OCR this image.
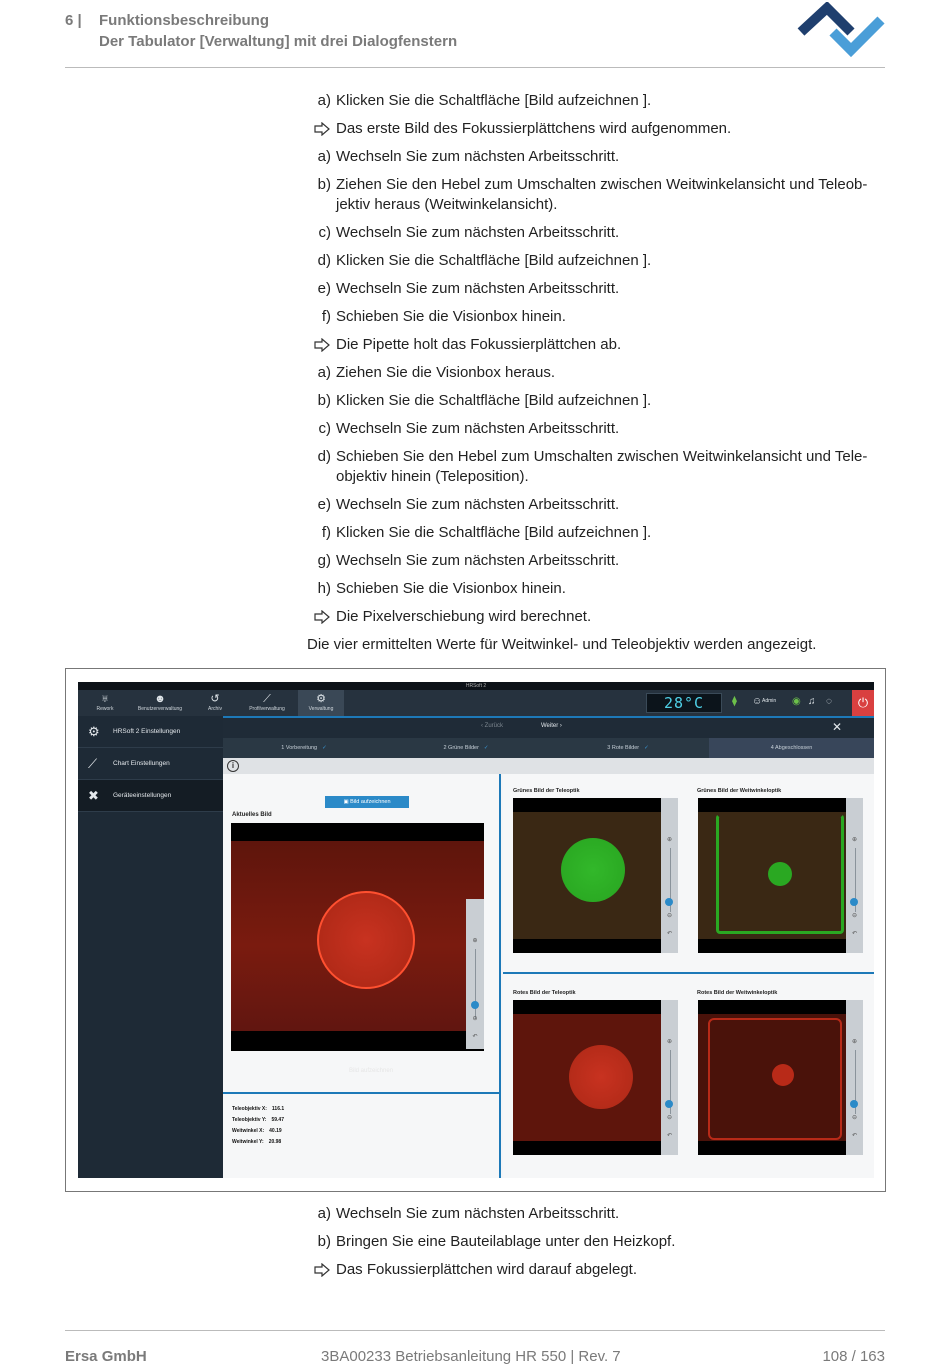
6 | Funktionsbeschreibung
Der Tabulator [Verwaltung] mit drei Dialogfenstern
a) Klicken Sie die Schaltfläche [Bild aufzeichnen ].
Das erste Bild des Fokussierplättchens wird aufgenommen.
a) Wechseln Sie zum nächsten Arbeitsschritt.
b) Ziehen Sie den Hebel zum Umschalten zwischen Weitwinkelansicht und Teleob- jektiv heraus (Weitwinkelansicht).
c) Wechseln Sie zum nächsten Arbeitsschritt.
d) Klicken Sie die Schaltfläche [Bild aufzeichnen ].
e) Wechseln Sie zum nächsten Arbeitsschritt.
f) Schieben Sie die Visionbox hinein.
Die Pipette holt das Fokussierplättchen ab.
a) Ziehen Sie die Visionbox heraus.
b) Klicken Sie die Schaltfläche [Bild aufzeichnen ].
c) Wechseln Sie zum nächsten Arbeitsschritt.
d) Schieben Sie den Hebel zum Umschalten zwischen Weitwinkelansicht und Tele- objektiv hinein (Teleposition).
e) Wechseln Sie zum nächsten Arbeitsschritt.
f) Klicken Sie die Schaltfläche [Bild aufzeichnen ].
g) Wechseln Sie zum nächsten Arbeitsschritt.
h) Schieben Sie die Visionbox hinein.
Die Pixelverschiebung wird berechnet.
Die vier ermittelten Werte für Weitwinkel- und Teleobjektiv werden angezeigt.
HRSoft 2
♅
Rework
☻
Benutzerverwaltung
↺
Archiv
⟋
Profilverwaltung
⚙
Verwaltung	28°C	⧫ ☺ Admin ◉ ♫ ◌	⏻
⚙ HRSoft 2 Einstellungen
⟋ Chart Einstellungen
✖ Geräteeinstellungen
‹ Zurück	Weiter ›	✕
1 Vorbereitung ✓	2 Grüne Bilder ✓	3 Rote Bilder ✓	4 Abgeschlossen
i
▣ Bild aufzeichnen
Aktuelles Bild
⊕
⊖
↶
Bild aufzeichnen
Teleobjektiv X: 116.1
Teleobjektiv Y: 59.47
Weitwinkel X: 40.19
Weitwinkel Y: 20.98
Grünes Bild der Teleoptik
⊕
⊖
↶
Grünes Bild der Weitwinkeloptik
⊕
⊖
↶
Rotes Bild der Teleoptik
⊕
⊖
↶
Rotes Bild der Weitwinkeloptik
⊕
⊖
↶
a) Wechseln Sie zum nächsten Arbeitsschritt.
b) Bringen Sie eine Bauteilablage unter den Heizkopf.
Das Fokussierplättchen wird darauf abgelegt.
Ersa GmbH	3BA00233 Betriebsanleitung HR 550 | Rev. 7	108 / 163
